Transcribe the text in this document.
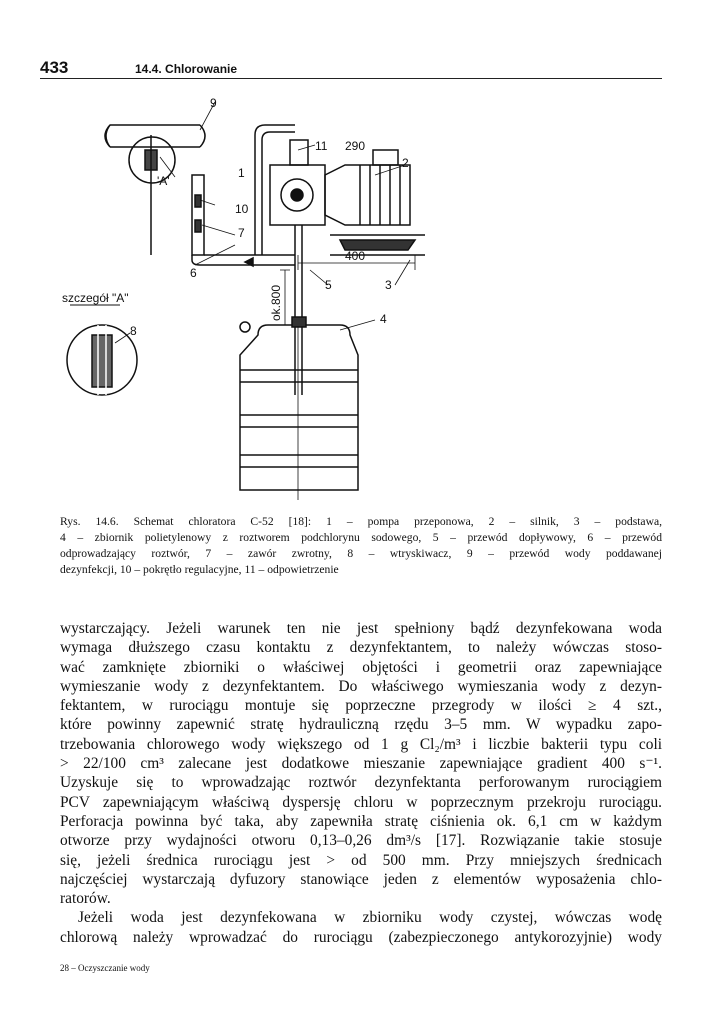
433	14.4. Chlorowanie
9
'A'
1
10
7
6
11 290
2
400
5	3
ok.800	4
szczegół "A"
8
Rys. 14.6. Schemat chloratora C-52 [18]: 1 – pompa przeponowa, 2 – silnik, 3 – podstawa,
4 – zbiornik polietylenowy z roztworem podchlorynu sodowego, 5 – przewód dopływowy, 6 – przewód
odprowadzający roztwór, 7 – zawór zwrotny, 8 – wtryskiwacz, 9 – przewód wody poddawanej
dezynfekcji, 10 – pokrętło regulacyjne, 11 – odpowietrzenie
wystarczający. Jeżeli warunek ten nie jest spełniony bądź dezynfekowana woda
wymaga dłuższego czasu kontaktu z dezynfektantem, to należy wówczas stoso-
wać zamknięte zbiorniki o właściwej objętości i geometrii oraz zapewniające
wymieszanie wody z dezynfektantem. Do właściwego wymieszania wody z dezyn-
fektantem, w rurociągu montuje się poprzeczne przegrody w ilości ≥ 4 szt.,
które powinny zapewnić stratę hydrauliczną rzędu 3–5 mm. W wypadku zapo-
trzebowania chlorowego wody większego od 1 g Cl₂/m³ i liczbie bakterii typu coli
> 22/100 cm³ zalecane jest dodatkowe mieszanie zapewniające gradient 400 s⁻¹.
Uzyskuje się to wprowadzając roztwór dezynfektanta perforowanym rurociągiem
PCV zapewniającym właściwą dyspersję chloru w poprzecznym przekroju rurociągu.
Perforacja powinna być taka, aby zapewniła stratę ciśnienia ok. 6,1 cm w każdym
otworze przy wydajności otworu 0,13–0,26 dm³/s [17]. Rozwiązanie takie stosuje
się, jeżeli średnica rurociągu jest > od 500 mm. Przy mniejszych średnicach
najczęściej wystarczają dyfuzory stanowiące jeden z elementów wyposażenia chlo-
ratorów.
Jeżeli woda jest dezynfekowana w zbiorniku wody czystej, wówczas wodę
chlorową należy wprowadzać do rurociągu (zabezpieczonego antykorozyjnie) wody
28 – Oczyszczanie wody
